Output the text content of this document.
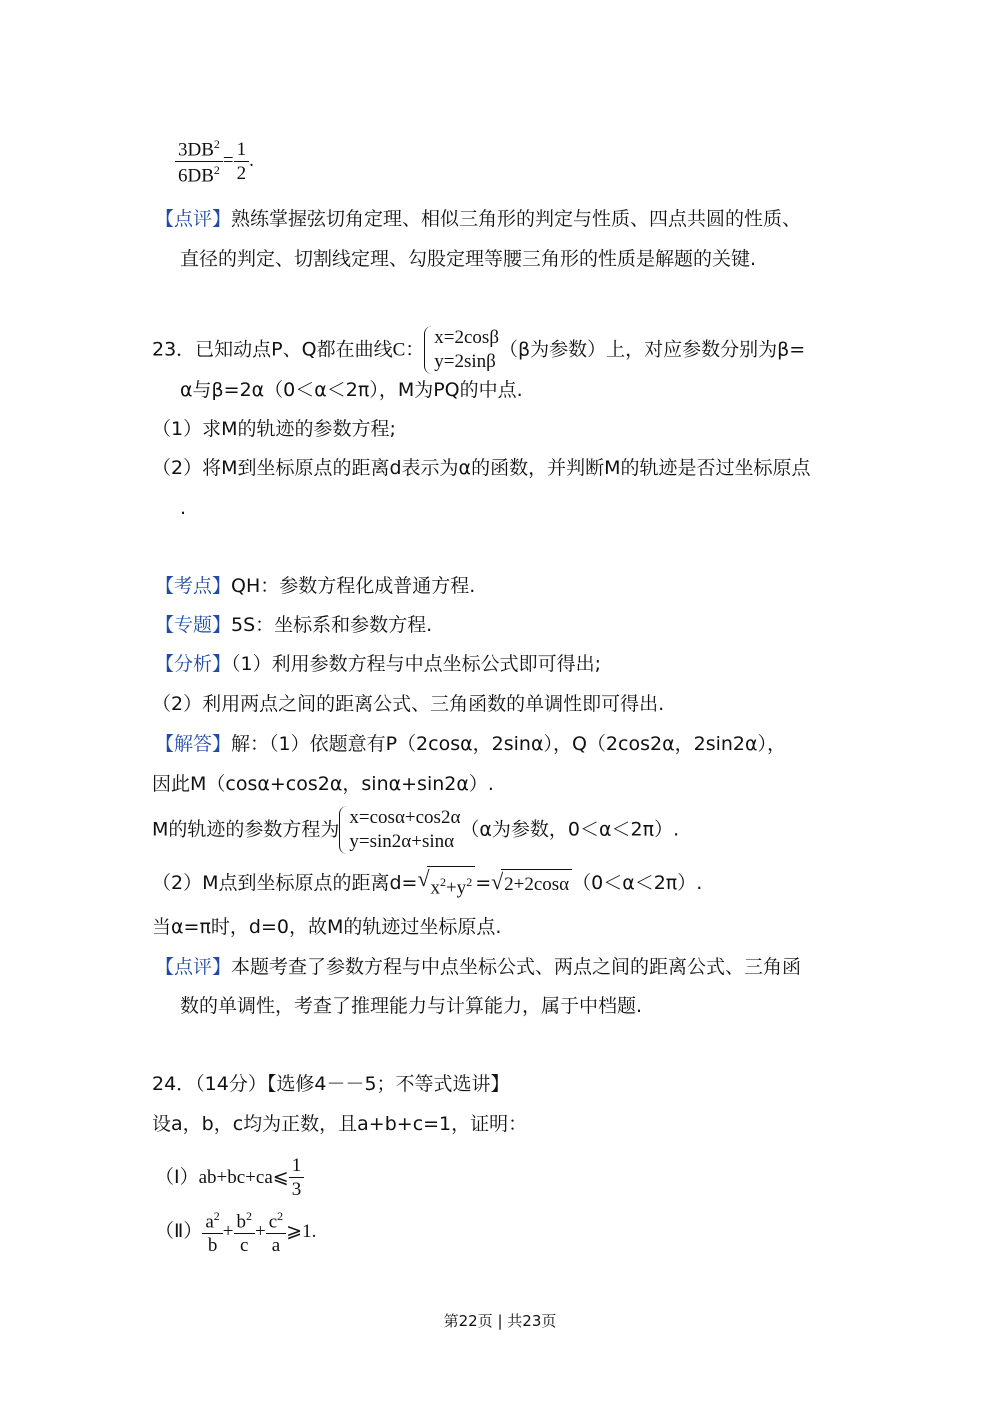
$\frac{3DB^2}{6DB^2} = \frac{1}{2}$ .
【点评】熟练掌握弦切角定理、相似三角形的判定与性质、四点共圆的性质、
直径的判定、切割线定理、勾股定理等腰三角形的性质是解题的关键.
23．已知动点P、Q都在曲线C：
x=2cosβ
y=2sinβ
（β为参数）上，对应参数分别为β=
α与β=2α（0＜α＜2π），M为PQ的中点.
（1）求M的轨迹的参数方程;
（2）将M到坐标原点的距离d表示为α的函数，并判断M的轨迹是否过坐标原点
.
【考点】QH：参数方程化成普通方程.
【专题】5S：坐标系和参数方程.
【分析】（1）利用参数方程与中点坐标公式即可得出;
（2）利用两点之间的距离公式、三角函数的单调性即可得出.
【解答】解：（1）依题意有P（2cosα，2sinα），Q（2cos2α，2sin2α），
因此M（cosα+cos2α，sinα+sin2α）.
M的轨迹的参数方程为
x=cosα+cos2α
y=sin2α+sinα
（α为参数，0＜α＜2π）.
（2）M点到坐标原点的距离d= √ $x^2+y^2$ = √ 2+2cosα （0＜α＜2π）.
当α=π时，d=0，故M的轨迹过坐标原点.
【点评】本题考查了参数方程与中点坐标公式、两点之间的距离公式、三角函
数的单调性，考查了推理能力与计算能力，属于中档题.
24．（14分）【选修4－－5；不等式选讲】
设a，b，c均为正数，且a+b+c=1，证明：
（Ⅰ）ab+bc+ca⩽ $\frac{1}{3}$
（Ⅱ） $\frac{a^2}{b} + \frac{b^2}{c} + \frac{c^2}{a}$ ⩾1.
第22页 | 共23页
